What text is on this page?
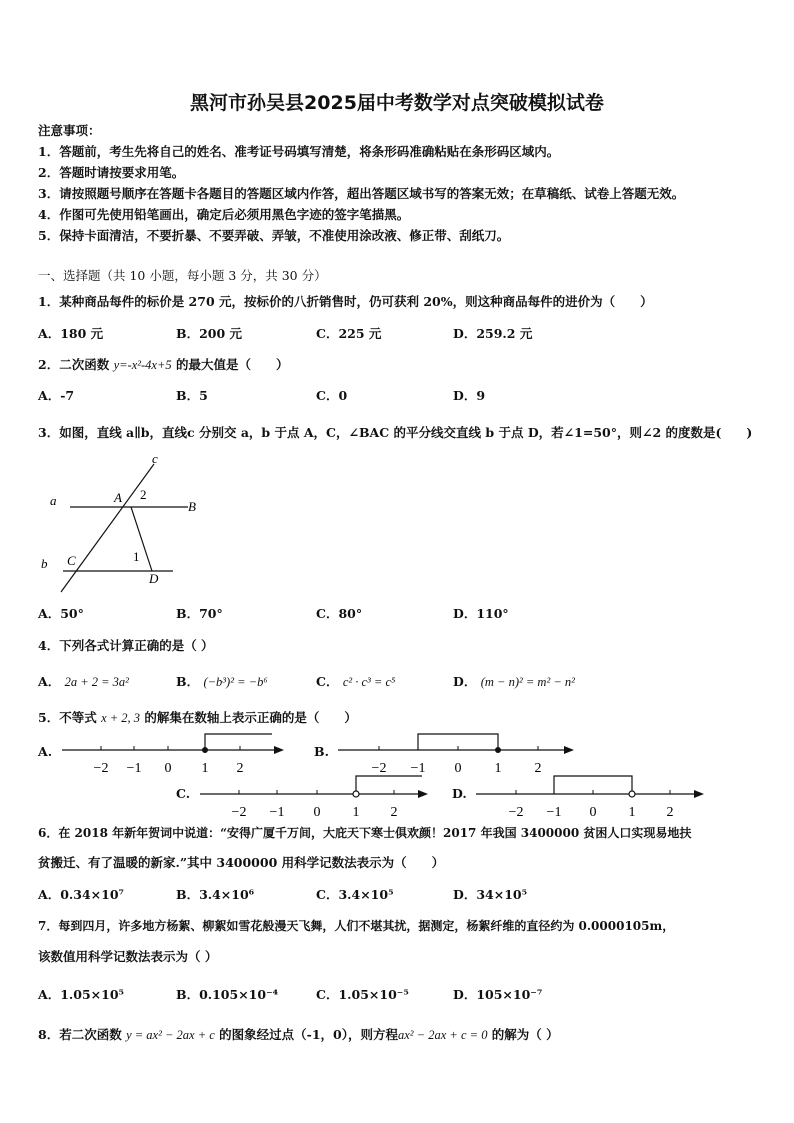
黑河市孙吴县2025届中考数学对点突破模拟试卷
注意事项：
1．答题前，考生先将自己的姓名、准考证号码填写清楚，将条形码准确粘贴在条形码区域内。
2．答题时请按要求用笔。
3．请按照题号顺序在答题卡各题目的答题区域内作答，超出答题区域书写的答案无效；在草稿纸、试卷上答题无效。
4．作图可先使用铅笔画出，确定后必须用黑色字迹的签字笔描黑。
5．保持卡面清洁，不要折暴、不要弄破、弄皱，不准使用涂改液、修正带、刮纸刀。
一、选择题（共 10 小题，每小题 3 分，共 30 分）
1．某种商品每件的标价是 270 元，按标价的八折销售时，仍可获利 20%，则这种商品每件的进价为（　　）
A．180 元	B．200 元	C．225 元	D．259.2 元
2．二次函数 y=-x²-4x+5 的最大值是（　　）
A．-7	B．5	C．0	D．9
3．如图，直线 a∥b，直线c 分别交 a，b 于点 A，C，∠BAC 的平分线交直线 b 于点 D，若∠1=50°，则∠2 的度数是(　　)
c
a	A 2
B
b C	1
D
A．50°	B．70°	C．80°	D．110°
4．下列各式计算正确的是（ ）
A． 2a + 2 = 3a²	B． (−b³)² = −b⁶	C． c² · c³ = c⁵	D． (m − n)² = m² − n²
5．不等式 x + 2, 3 的解集在数轴上表示正确的是（　　）
A.
−2 −1 0 1 2
B.
−2 −1 0 1 2
C.
−2 −1 0 1 2
D.
−2 −1 0 1 2
6．在 2018 年新年贺词中说道：“安得广厦千万间，大庇天下寒士俱欢颜！2017 年我国 3400000 贫困人口实现易地扶
贫搬迁、有了温暖的新家.”其中 3400000 用科学记数法表示为（　　）
A．0.34×10⁷	B．3.4×10⁶	C．3.4×10⁵	D．34×10⁵
7．每到四月，许多地方杨絮、柳絮如雪花般漫天飞舞，人们不堪其扰，据测定，杨絮纤维的直径约为 0.0000105m，
该数值用科学记数法表示为（ ）
A．1.05×10⁵	B．0.105×10⁻⁴	C．1.05×10⁻⁵	D．105×10⁻⁷
8．若二次函数 y = ax² − 2ax + c 的图象经过点（-1，0），则方程ax² − 2ax + c = 0 的解为（ ）
